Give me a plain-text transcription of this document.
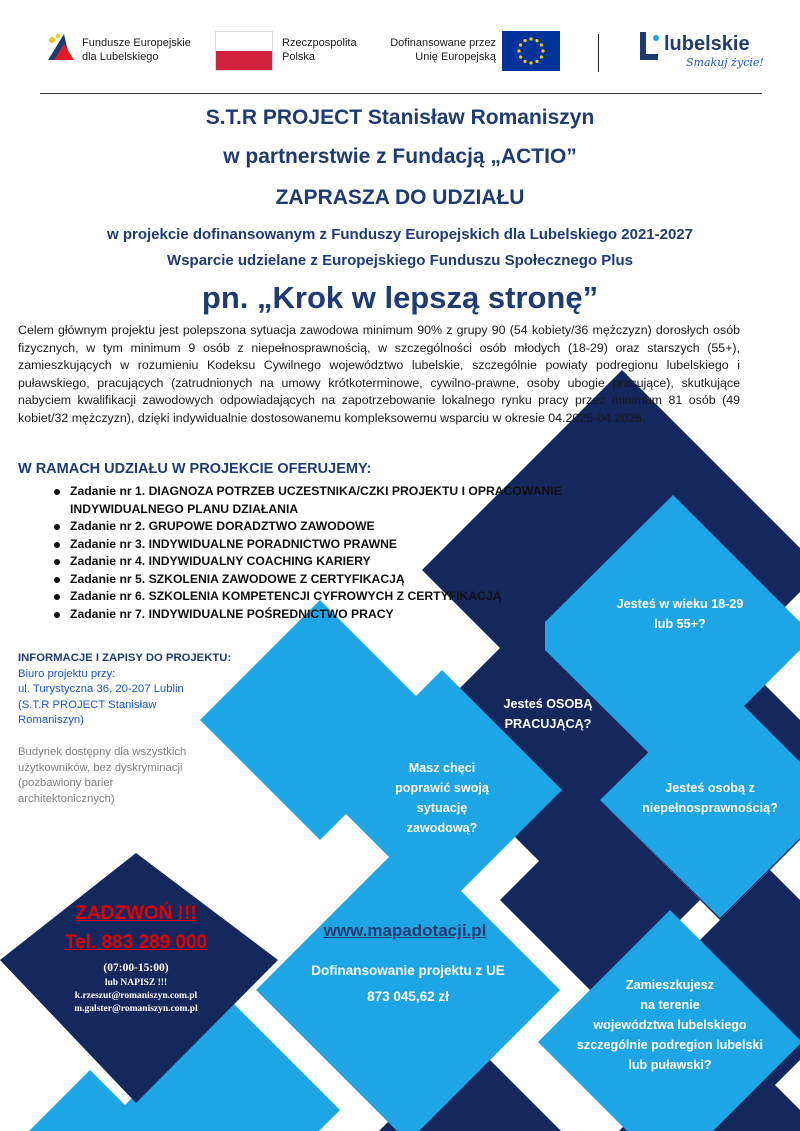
Fundusze Europejskie
dla Lubelskiego
Rzeczpospolita
Polska
Dofinansowane przez
Unię Europejską
lubelskie
Smakuj życie!
S.T.R PROJECT Stanisław Romaniszyn
w partnerstwie z Fundacją „ACTIO”
ZAPRASZA DO UDZIAŁU
w projekcie dofinansowanym z Funduszy Europejskich dla Lubelskiego 2021-2027
Wsparcie udzielane z Europejskiego Funduszu Społecznego Plus
pn. „Krok w lepszą stronę”
Celem głównym projektu jest polepszona sytuacja zawodowa minimum 90% z grupy 90 (54 kobiety/36 mężczyzn) dorosłych osób fizycznych, w tym minimum 9 osób z niepełnosprawnością, w szczególności osób młodych (18-29) oraz starszych (55+), zamieszkujących w rozumieniu Kodeksu Cywilnego województwo lubelskie, szczególnie powiaty podregionu lubelskiego i puławskiego, pracujących (zatrudnionych na umowy krótkoterminowe, cywilno-prawne, osoby ubogie pracujące), skutkujące nabyciem kwalifikacji zawodowych odpowiadających na zapotrzebowanie lokalnego rynku pracy przez minimum 81 osób (49 kobiet/32 mężczyzn), dzięki indywidualnie dostosowanemu kompleksowemu wsparciu w okresie 04.2025-04.2026.
W RAMACH UDZIAŁU W PROJEKCIE OFERUJEMY:
Zadanie nr 1. DIAGNOZA POTRZEB UCZESTNIKA/CZKI PROJEKTU I OPRACOWANIE INDYWIDUALNEGO PLANU DZIAŁANIA
Zadanie nr 2. GRUPOWE DORADZTWO ZAWODOWE
Zadanie nr 3. INDYWIDUALNE PORADNICTWO PRAWNE
Zadanie nr 4. INDYWIDUALNY COACHING KARIERY
Zadanie nr 5. SZKOLENIA ZAWODOWE Z CERTYFIKACJĄ
Zadanie nr 6. SZKOLENIA KOMPETENCJI CYFROWYCH Z CERTYFIKACJĄ
Zadanie nr 7. INDYWIDUALNE POŚREDNICTWO PRACY
INFORMACJE I ZAPISY DO PROJEKTU:
Biuro projektu przy:
ul. Turystyczna 36, 20-207 Lublin
(S.T.R PROJECT Stanisław
Romaniszyn)
Budynek dostępny dla wszystkich
użytkowników, bez dyskryminacji
(pozbawiony barier
architektonicznych)
Jesteś w wieku 18-29
lub 55+?
Jesteś OSOBĄ
PRACUJĄCĄ?
Masz chęci
poprawić swoją
sytuację
zawodową?
Jesteś osobą z
niepełnosprawnością?
Zamieszkujesz
na terenie
województwa lubelskiego
szczególnie podregion lubelski
lub puławski?
ZADZWOŃ !!!
Tel. 883 289 000
(07:00-15:00)
lub NAPISZ !!!
k.rzeszut@romaniszyn.com.pl
m.galster@romaniszyn.com.pl
www.mapadotacji.pl
Dofinansowanie projektu z UE
873 045,62 zł
